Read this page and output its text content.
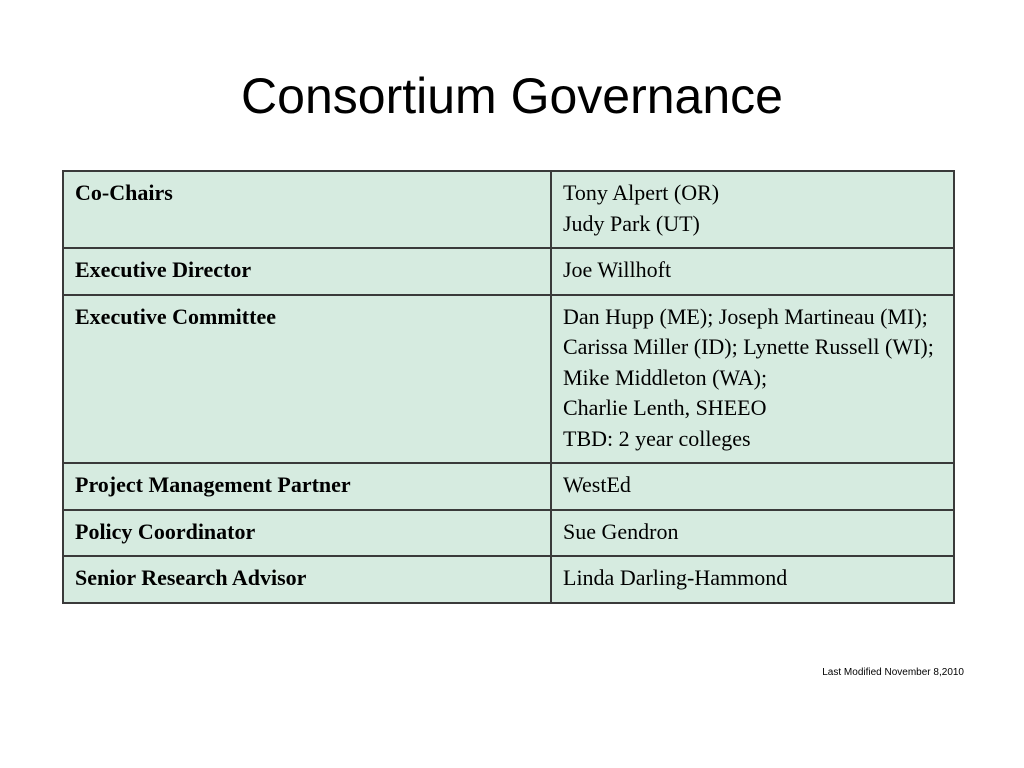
Consortium Governance
Co-Chairs	Tony Alpert (OR)
Judy Park (UT)

Executive Director	Joe Willhoft

Executive Committee	Dan Hupp (ME); Joseph Martineau (MI); Carissa Miller (ID); Lynette Russell (WI); Mike Middleton (WA);
Charlie Lenth, SHEEO
TBD: 2 year colleges

Project Management Partner	WestEd

Policy Coordinator	Sue Gendron

Senior Research Advisor	Linda Darling-Hammond
Last Modified November 8,2010
